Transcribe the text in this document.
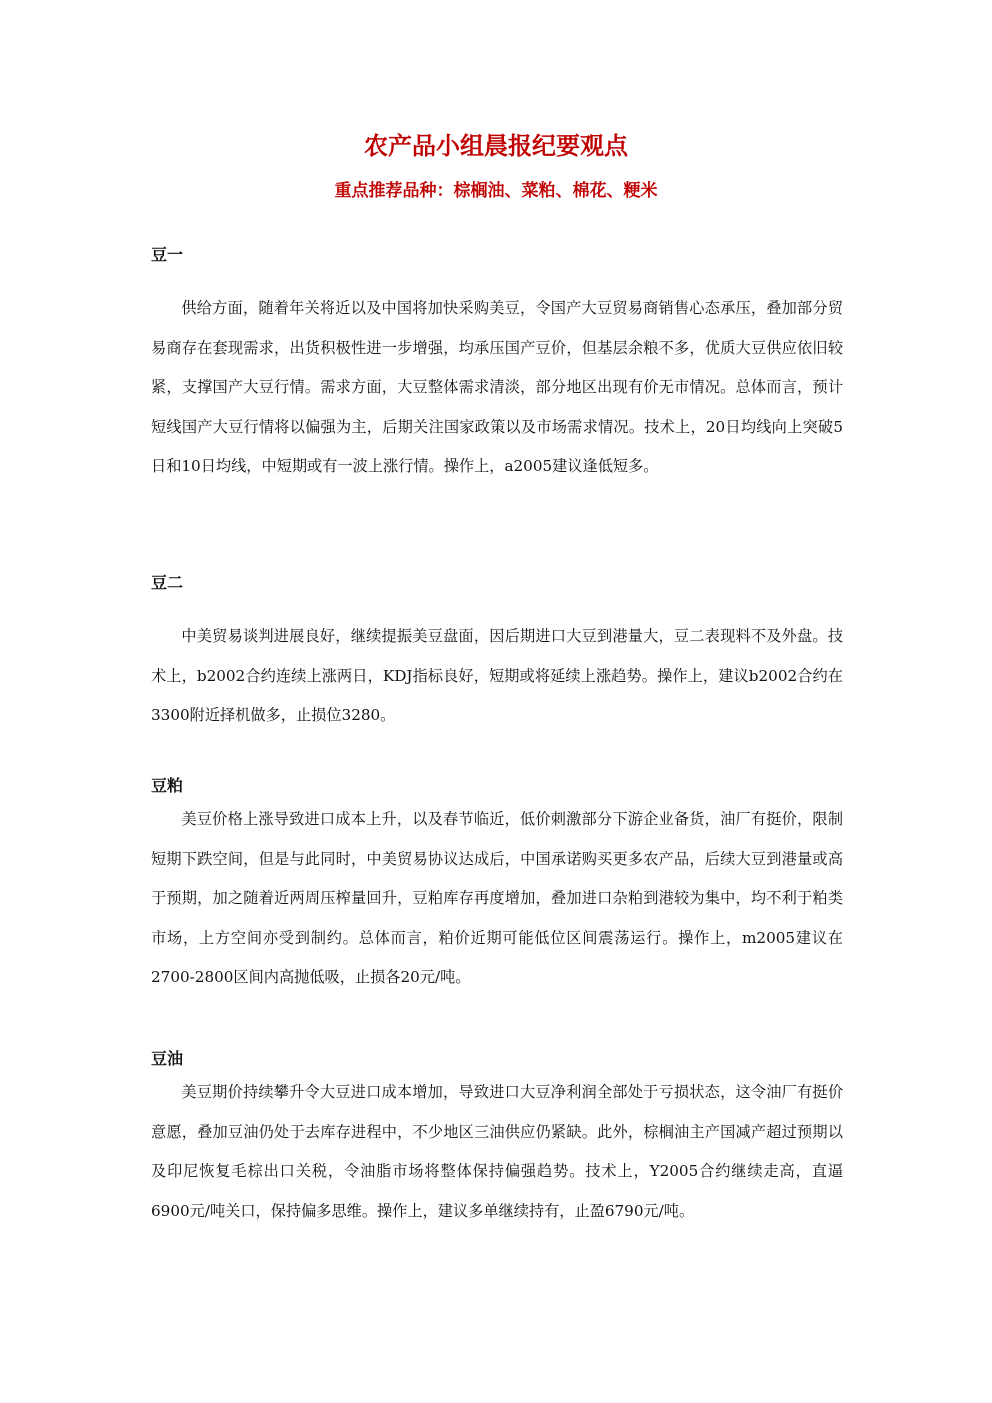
农产品小组晨报纪要观点
重点推荐品种：棕榈油、菜粕、棉花、粳米
豆一

供给方面，随着年关将近以及中国将加快采购美豆，令国产大豆贸易商销售心态承压，叠加部分贸易商存在套现需求，出货积极性进一步增强，均承压国产豆价，但基层余粮不多，优质大豆供应依旧较紧，支撑国产大豆行情。需求方面，大豆整体需求清淡，部分地区出现有价无市情况。总体而言，预计短线国产大豆行情将以偏强为主，后期关注国家政策以及市场需求情况。技术上，20日均线向上突破5日和10日均线，中短期或有一波上涨行情。操作上，a2005建议逢低短多。

豆二

中美贸易谈判进展良好，继续提振美豆盘面，因后期进口大豆到港量大，豆二表现料不及外盘。技术上，b2002合约连续上涨两日，KDJ指标良好，短期或将延续上涨趋势。操作上，建议b2002合约在3300附近择机做多，止损位3280。

豆粕

美豆价格上涨导致进口成本上升，以及春节临近，低价刺激部分下游企业备货，油厂有挺价，限制短期下跌空间，但是与此同时，中美贸易协议达成后，中国承诺购买更多农产品，后续大豆到港量或高于预期，加之随着近两周压榨量回升，豆粕库存再度增加，叠加进口杂粕到港较为集中，均不利于粕类市场，上方空间亦受到制约。总体而言，粕价近期可能低位区间震荡运行。操作上，m2005建议在2700-2800区间内高抛低吸，止损各20元/吨。

豆油

美豆期价持续攀升令大豆进口成本增加，导致进口大豆净利润全部处于亏损状态，这令油厂有挺价意愿，叠加豆油仍处于去库存进程中，不少地区三油供应仍紧缺。此外，棕榈油主产国减产超过预期以及印尼恢复毛棕出口关税，令油脂市场将整体保持偏强趋势。技术上，Y2005合约继续走高，直逼6900元/吨关口，保持偏多思维。操作上，建议多单继续持有，止盈6790元/吨。
